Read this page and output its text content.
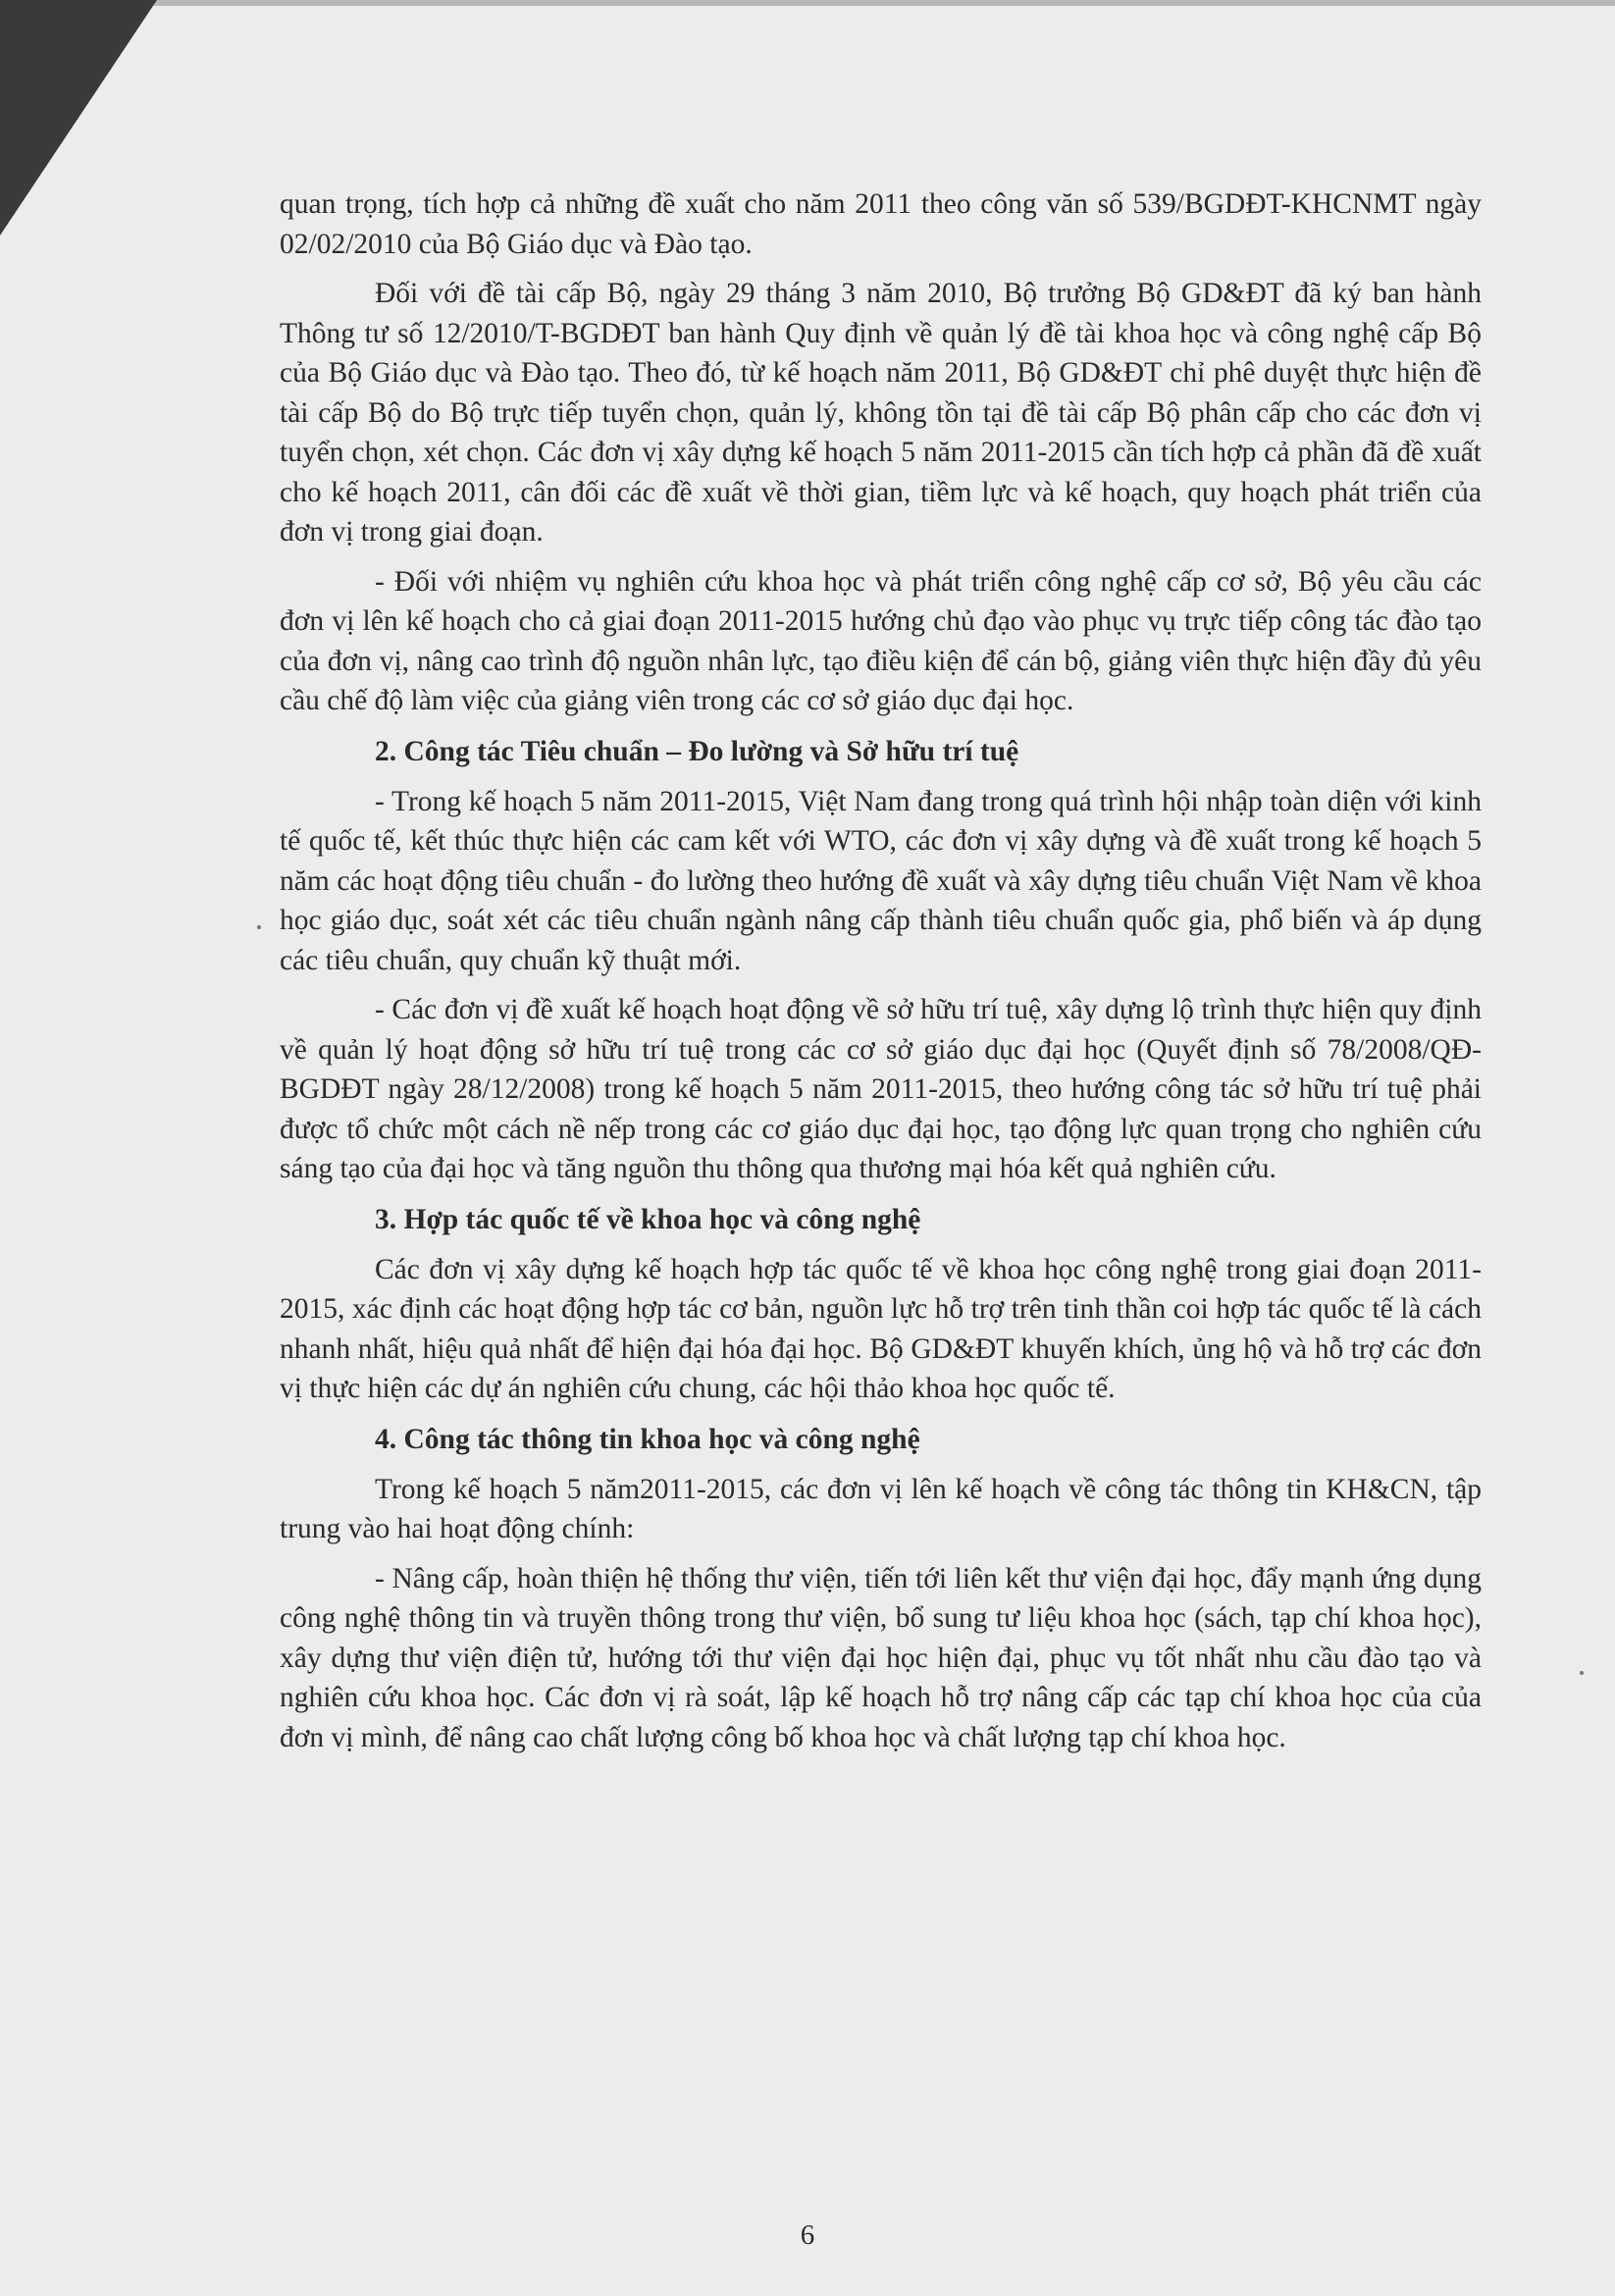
quan trọng, tích hợp cả những đề xuất cho năm 2011 theo công văn số 539/BGDĐT-KHCNMT ngày 02/02/2010 của Bộ Giáo dục và Đào tạo.

Đối với đề tài cấp Bộ, ngày 29 tháng 3 năm 2010, Bộ trưởng Bộ GD&ĐT đã ký ban hành Thông tư số 12/2010/T-BGDĐT ban hành Quy định về quản lý đề tài khoa học và công nghệ cấp Bộ của Bộ Giáo dục và Đào tạo. Theo đó, từ kế hoạch năm 2011, Bộ GD&ĐT chỉ phê duyệt thực hiện đề tài cấp Bộ do Bộ trực tiếp tuyển chọn, quản lý, không tồn tại đề tài cấp Bộ phân cấp cho các đơn vị tuyển chọn, xét chọn. Các đơn vị xây dựng kế hoạch 5 năm 2011-2015 cần tích hợp cả phần đã đề xuất cho kế hoạch 2011, cân đối các đề xuất về thời gian, tiềm lực và kế hoạch, quy hoạch phát triển của đơn vị trong giai đoạn.

- Đối với nhiệm vụ nghiên cứu khoa học và phát triển công nghệ cấp cơ sở, Bộ yêu cầu các đơn vị lên kế hoạch cho cả giai đoạn 2011-2015 hướng chủ đạo vào phục vụ trực tiếp công tác đào tạo của đơn vị, nâng cao trình độ nguồn nhân lực, tạo điều kiện để cán bộ, giảng viên thực hiện đầy đủ yêu cầu chế độ làm việc của giảng viên trong các cơ sở giáo dục đại học.

2. Công tác Tiêu chuẩn – Đo lường và Sở hữu trí tuệ

- Trong kế hoạch 5 năm 2011-2015, Việt Nam đang trong quá trình hội nhập toàn diện với kinh tế quốc tế, kết thúc thực hiện các cam kết với WTO, các đơn vị xây dựng và đề xuất trong kế hoạch 5 năm các hoạt động tiêu chuẩn - đo lường theo hướng đề xuất và xây dựng tiêu chuẩn Việt Nam về khoa học giáo dục, soát xét các tiêu chuẩn ngành nâng cấp thành tiêu chuẩn quốc gia, phổ biến và áp dụng các tiêu chuẩn, quy chuẩn kỹ thuật mới.

- Các đơn vị đề xuất kế hoạch hoạt động về sở hữu trí tuệ, xây dựng lộ trình thực hiện quy định về quản lý hoạt động sở hữu trí tuệ trong các cơ sở giáo dục đại học (Quyết định số 78/2008/QĐ-BGDĐT ngày 28/12/2008) trong kế hoạch 5 năm 2011-2015, theo hướng công tác sở hữu trí tuệ phải được tổ chức một cách nề nếp trong các cơ giáo dục đại học, tạo động lực quan trọng cho nghiên cứu sáng tạo của đại học và tăng nguồn thu thông qua thương mại hóa kết quả nghiên cứu.

3. Hợp tác quốc tế về khoa học và công nghệ

Các đơn vị xây dựng kế hoạch hợp tác quốc tế về khoa học công nghệ trong giai đoạn 2011-2015, xác định các hoạt động hợp tác cơ bản, nguồn lực hỗ trợ trên tinh thần coi hợp tác quốc tế là cách nhanh nhất, hiệu quả nhất để hiện đại hóa đại học. Bộ GD&ĐT khuyến khích, ủng hộ và hỗ trợ các đơn vị thực hiện các dự án nghiên cứu chung, các hội thảo khoa học quốc tế.

4. Công tác thông tin khoa học và công nghệ

Trong kế hoạch 5 năm2011-2015, các đơn vị lên kế hoạch về công tác thông tin KH&CN, tập trung vào hai hoạt động chính:

- Nâng cấp, hoàn thiện hệ thống thư viện, tiến tới liên kết thư viện đại học, đẩy mạnh ứng dụng công nghệ thông tin và truyền thông trong thư viện, bổ sung tư liệu khoa học (sách, tạp chí khoa học), xây dựng thư viện điện tử, hướng tới thư viện đại học hiện đại, phục vụ tốt nhất nhu cầu đào tạo và nghiên cứu khoa học. Các đơn vị rà soát, lập kế hoạch hỗ trợ nâng cấp các tạp chí khoa học của của đơn vị mình, để nâng cao chất lượng công bố khoa học và chất lượng tạp chí khoa học.

6
